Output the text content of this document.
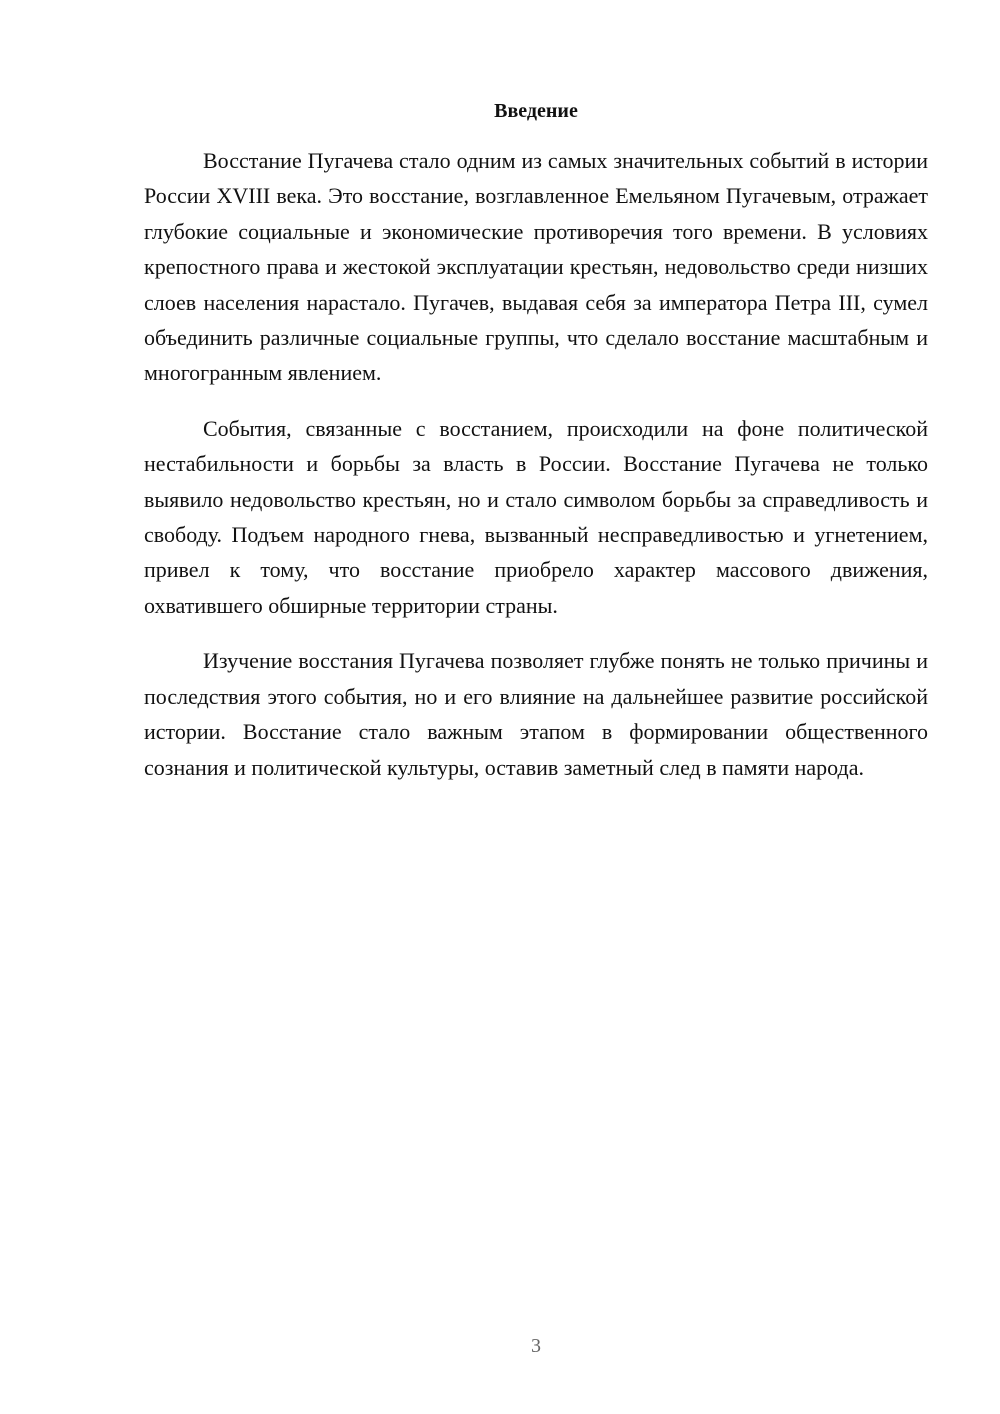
Введение

Восстание Пугачева стало одним из самых значительных событий в истории России XVIII века. Это восстание, возглавленное Емельяном Пугачевым, отражает глубокие социальные и экономические противоречия того времени. В условиях крепостного права и жестокой эксплуатации крестьян, недовольство среди низших слоев населения нарастало. Пугачев, выдавая себя за императора Петра III, сумел объединить различные социальные группы, что сделало восстание масштабным и многогранным явлением.

События, связанные с восстанием, происходили на фоне политической нестабильности и борьбы за власть в России. Восстание Пугачева не только выявило недовольство крестьян, но и стало символом борьбы за справедливость и свободу. Подъем народного гнева, вызванный несправедливостью и угнетением, привел к тому, что восстание приобрело характер массового движения, охватившего обширные территории страны.

Изучение восстания Пугачева позволяет глубже понять не только причины и последствия этого события, но и его влияние на дальнейшее развитие российской истории. Восстание стало важным этапом в формировании общественного сознания и политической культуры, оставив заметный след в памяти народа.

3
